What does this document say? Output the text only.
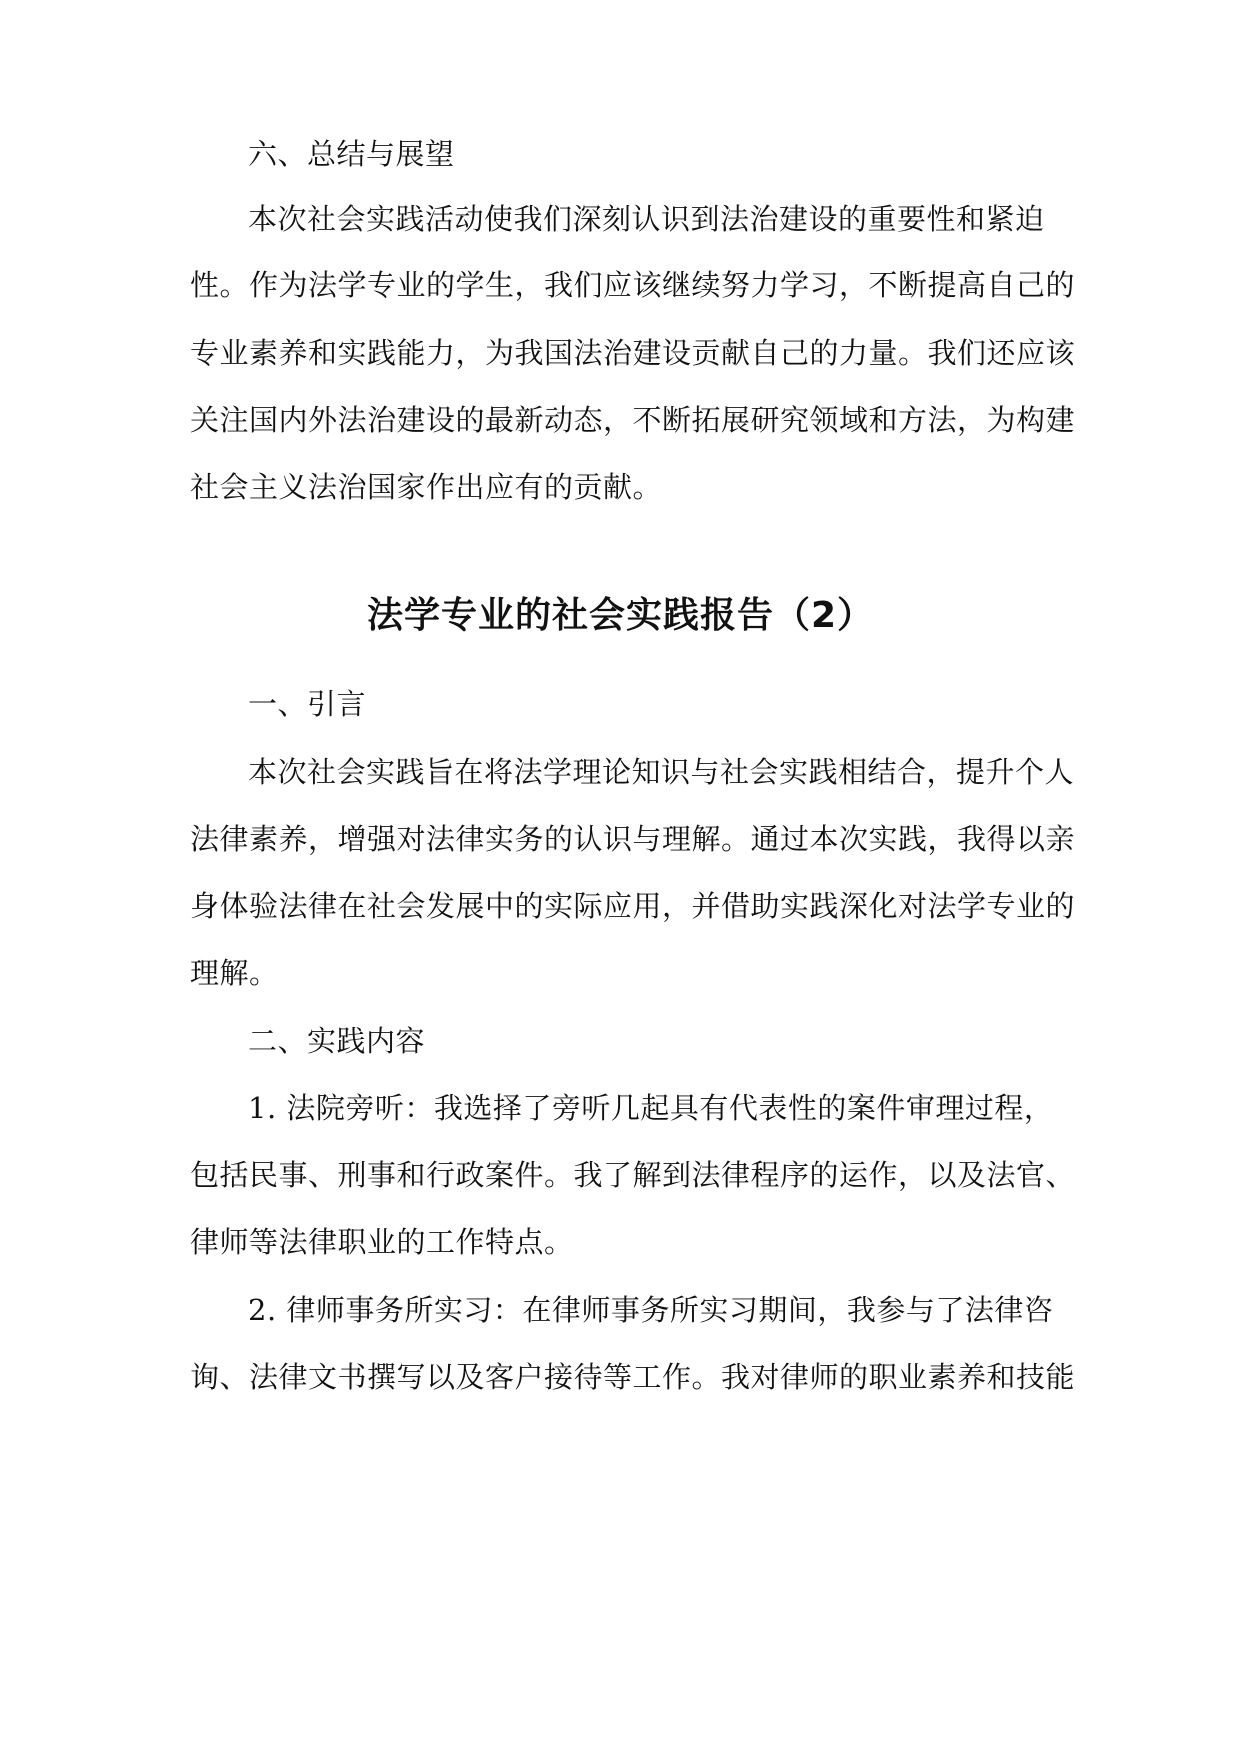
六、总结与展望
本次社会实践活动使我们深刻认识到法治建设的重要性和紧迫
性。作为法学专业的学生，我们应该继续努力学习，不断提高自己的
专业素养和实践能力，为我国法治建设贡献自己的力量。我们还应该
关注国内外法治建设的最新动态，不断拓展研究领域和方法，为构建
社会主义法治国家作出应有的贡献。
法学专业的社会实践报告（2）
一、引言
本次社会实践旨在将法学理论知识与社会实践相结合，提升个人
法律素养，增强对法律实务的认识与理解。通过本次实践，我得以亲
身体验法律在社会发展中的实际应用，并借助实践深化对法学专业的
理解。
二、实践内容
1. 法院旁听：我选择了旁听几起具有代表性的案件审理过程，
包括民事、刑事和行政案件。我了解到法律程序的运作，以及法官、
律师等法律职业的工作特点。
2. 律师事务所实习：在律师事务所实习期间，我参与了法律咨
询、法律文书撰写以及客户接待等工作。我对律师的职业素养和技能
